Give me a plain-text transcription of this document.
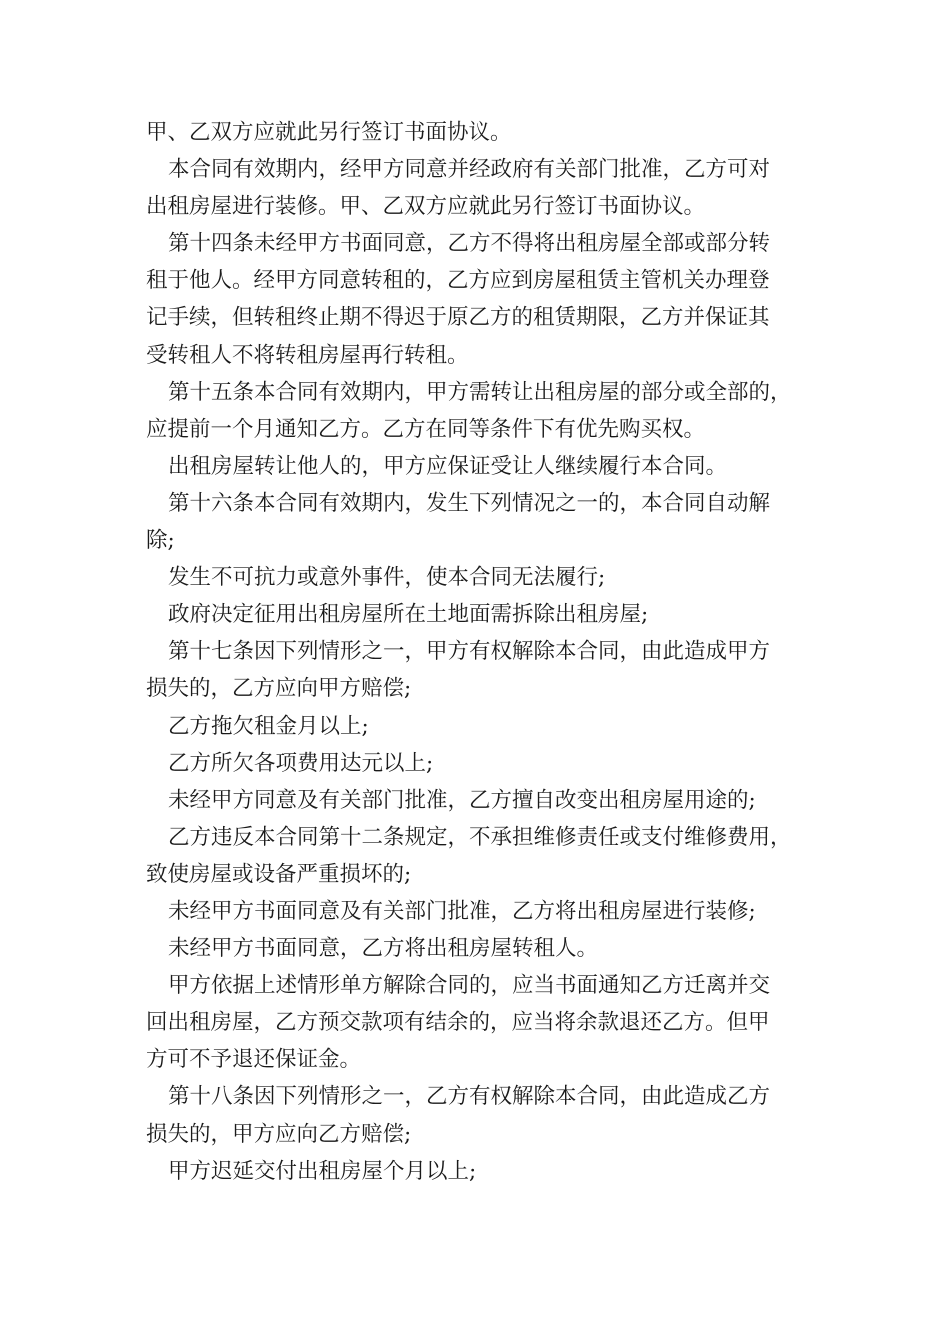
甲、乙双方应就此另行签订书面协议。

本合同有效期内，经甲方同意并经政府有关部门批准，乙方可对

出租房屋进行装修。甲、乙双方应就此另行签订书面协议。

第十四条未经甲方书面同意，乙方不得将出租房屋全部或部分转

租于他人。经甲方同意转租的，乙方应到房屋租赁主管机关办理登

记手续，但转租终止期不得迟于原乙方的租赁期限，乙方并保证其

受转租人不将转租房屋再行转租。

第十五条本合同有效期内，甲方需转让出租房屋的部分或全部的，

应提前一个月通知乙方。乙方在同等条件下有优先购买权。

出租房屋转让他人的，甲方应保证受让人继续履行本合同。

第十六条本合同有效期内，发生下列情况之一的，本合同自动解

除;

发生不可抗力或意外事件，使本合同无法履行;

政府决定征用出租房屋所在土地面需拆除出租房屋;

第十七条因下列情形之一，甲方有权解除本合同，由此造成甲方

损失的，乙方应向甲方赔偿;

乙方拖欠租金月以上;

乙方所欠各项费用达元以上;

未经甲方同意及有关部门批准，乙方擅自改变出租房屋用途的;

乙方违反本合同第十二条规定，不承担维修责任或支付维修费用，

致使房屋或设备严重损坏的;

未经甲方书面同意及有关部门批准，乙方将出租房屋进行装修;

未经甲方书面同意，乙方将出租房屋转租人。

甲方依据上述情形单方解除合同的，应当书面通知乙方迁离并交

回出租房屋，乙方预交款项有结余的，应当将余款退还乙方。但甲

方可不予退还保证金。

第十八条因下列情形之一，乙方有权解除本合同，由此造成乙方

损失的，甲方应向乙方赔偿;

甲方迟延交付出租房屋个月以上;
